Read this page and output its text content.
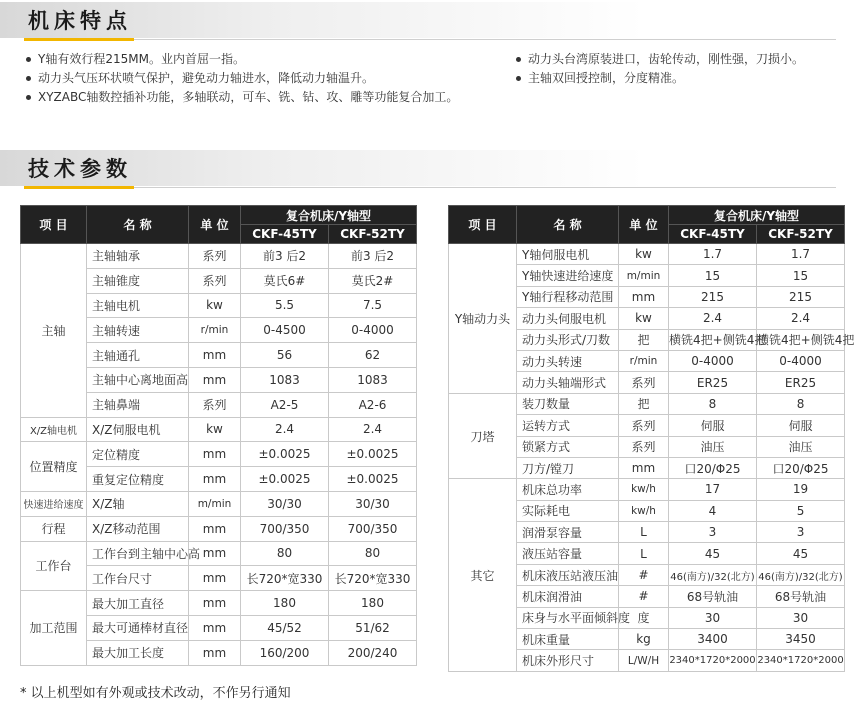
机床特点
Y轴有效行程215MM。业内首屈一指。
动力头气压环状喷气保护，避免动力轴进水，降低动力轴温升。
XYZABC轴数控插补功能，多轴联动，可车、铣、钻、攻、雕等功能复合加工。
动力头台湾原装进口，齿轮传动，刚性强，刀损小。
主轴双回授控制，分度精准。
技术参数
项 目	名 称	单 位	复合机床/Y轴型	
			CKF-45TY	CKF-52TY
主轴	主轴轴承	系列	前3 后2	前3 后2
	主轴锥度	系列	莫氏6#	莫氏2#
	主轴电机	kw	5.5	7.5
	主轴转速	r/min	0-4500	0-4000
	主轴通孔	mm	56	62
	主轴中心离地面高	mm	1083	1083
	主轴鼻端	系列	A2-5	A2-6
X/Z轴电机	X/Z伺服电机	kw	2.4	2.4
位置精度	定位精度	mm	±0.0025	±0.0025
	重复定位精度	mm	±0.0025	±0.0025
快速进给速度	X/Z轴	m/min	30/30	30/30
行程	X/Z移动范围	mm	700/350	700/350
工作台	工作台到主轴中心高	mm	80	80
	工作台尺寸	mm	长720*宽330	长720*宽330
加工范围	最大加工直径	mm	180	180
	最大可通棒材直径	mm	45/52	51/62
	最大加工长度	mm	160/200	200/240
项 目	名 称	单 位	复合机床/Y轴型	
			CKF-45TY	CKF-52TY
Y轴动力头	Y轴伺服电机	kw	1.7	1.7
	Y轴快速进给速度	m/min	15	15
	Y轴行程移动范围	mm	215	215
	动力头伺服电机	kw	2.4	2.4
	动力头形式/刀数	把	横铣4把+侧铣4把	横铣4把+侧铣4把
	动力头转速	r/min	0-4000	0-4000
	动力头轴端形式	系列	ER25	ER25
刀塔	装刀数量	把	8	8
	运转方式	系列	伺服	伺服
	锁紧方式	系列	油压	油压
	刀方/镗刀	mm	口20/Φ25	口20/Φ25
其它	机床总功率	kw/h	17	19
	实际耗电	kw/h	4	5
	润滑泵容量	L	3	3
	液压站容量	L	45	45
	机床液压站液压油	#	46(南方)/32(北方)	46(南方)/32(北方)
	机床润滑油	#	68号轨油	68号轨油
	床身与水平面倾斜度	度	30	30
	机床重量	kg	3400	3450
	机床外形尺寸	L/W/H	2340*1720*2000	2340*1720*2000
* 以上机型如有外观或技术改动，不作另行通知
